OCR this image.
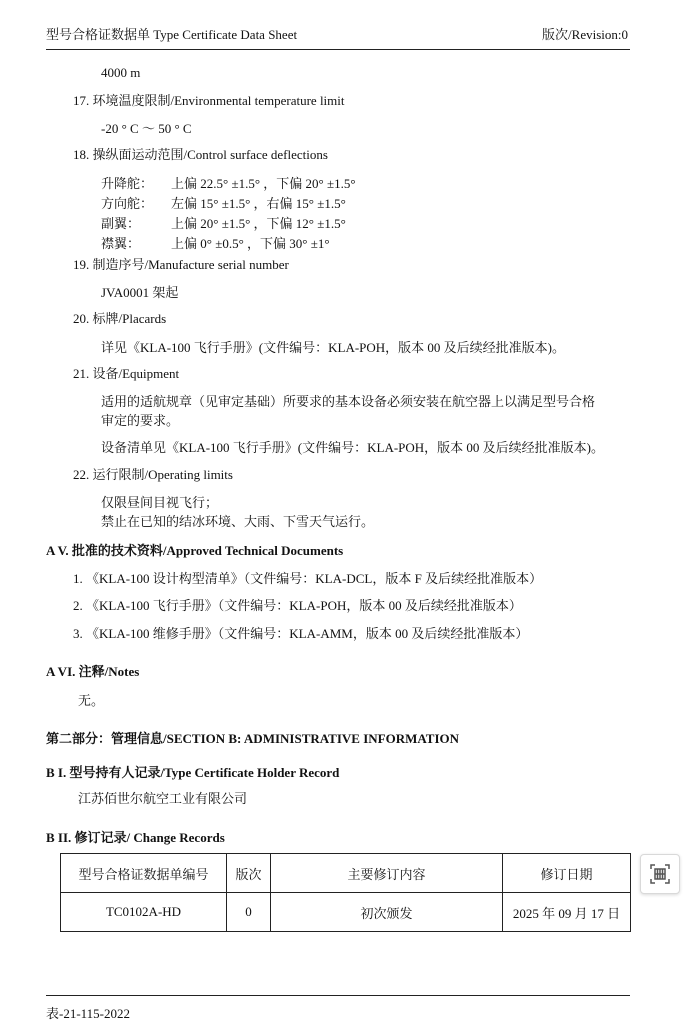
型号合格证数据单 Type Certificate Data Sheet	版次/Revision:0
4000 m
17. 环境温度限制/Environmental temperature limit
-20 ° C ～ 50 ° C
18. 操纵面运动范围/Control surface deflections
升降舵：	上偏 22.5° ±1.5° ，下偏 20° ±1.5°
方向舵：	左偏 15° ±1.5° ，右偏 15° ±1.5°
副翼：	上偏 20° ±1.5° ，下偏 12° ±1.5°
襟翼：	上偏 0° ±0.5° ，下偏 30° ±1°
19. 制造序号/Manufacture serial number
JVA0001 架起
20. 标牌/Placards
详见《KLA-100 飞行手册》(文件编号：KLA-POH，版本 00 及后续经批准版本)。
21. 设备/Equipment
适用的适航规章（见审定基础）所要求的基本设备必须安装在航空器上以满足型号合格
审定的要求。
设备清单见《KLA-100 飞行手册》(文件编号：KLA-POH，版本 00 及后续经批准版本)。
22. 运行限制/Operating limits
仅限昼间目视飞行；
禁止在已知的结冰环境、大雨、下雪天气运行。
A V. 批准的技术资料/Approved Technical Documents
1. 《KLA-100 设计构型清单》（文件编号：KLA-DCL，版本 F 及后续经批准版本）
2. 《KLA-100 飞行手册》（文件编号：KLA-POH，版本 00 及后续经批准版本）
3. 《KLA-100 维修手册》（文件编号：KLA-AMM，版本 00 及后续经批准版本）
A VI. 注释/Notes
无。
第二部分：管理信息/SECTION B: ADMINISTRATIVE INFORMATION
B I. 型号持有人记录/Type Certificate Holder Record
江苏佰世尔航空工业有限公司
B II. 修订记录/ Change Records
型号合格证数据单编号	版次	主要修订内容	修订日期
TC0102A-HD	0	初次颁发	2025 年 09 月 17 日
表-21-115-2022
